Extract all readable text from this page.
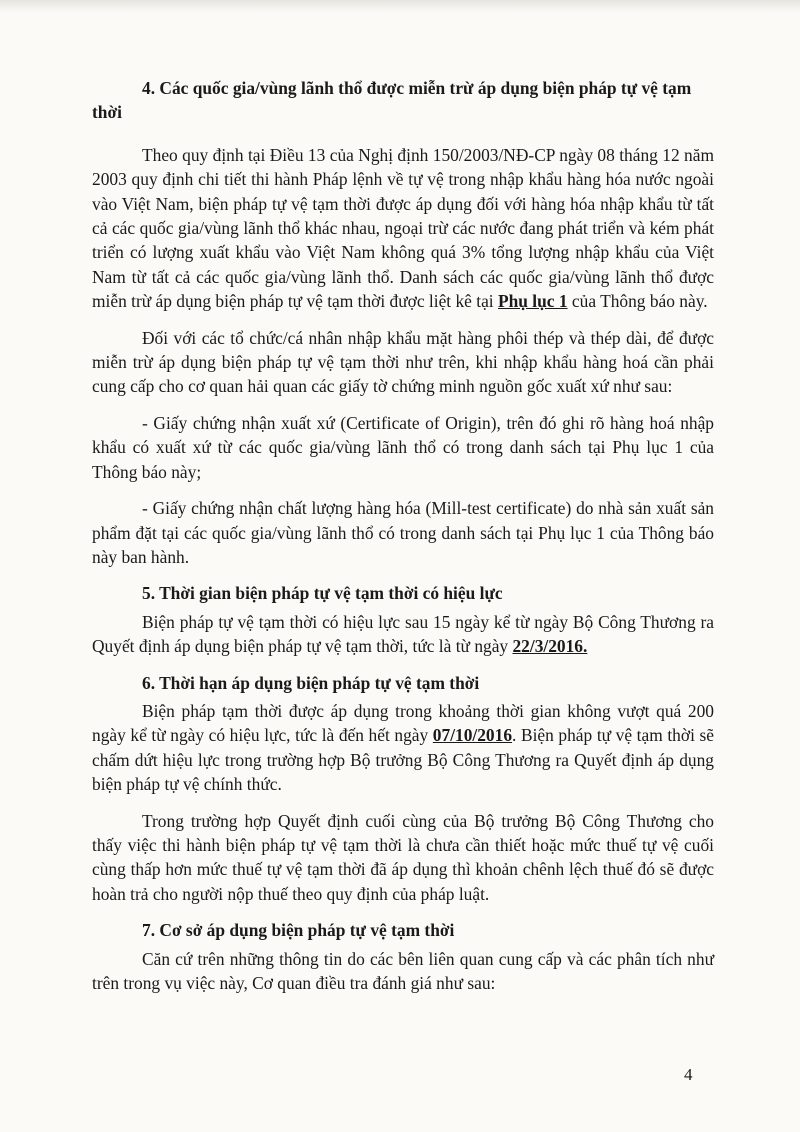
4. Các quốc gia/vùng lãnh thổ được miễn trừ áp dụng biện pháp tự vệ tạm thời

Theo quy định tại Điều 13 của Nghị định 150/2003/NĐ-CP ngày 08 tháng 12 năm 2003 quy định chi tiết thi hành Pháp lệnh về tự vệ trong nhập khẩu hàng hóa nước ngoài vào Việt Nam, biện pháp tự vệ tạm thời được áp dụng đối với hàng hóa nhập khẩu từ tất cả các quốc gia/vùng lãnh thổ khác nhau, ngoại trừ các nước đang phát triển và kém phát triển có lượng xuất khẩu vào Việt Nam không quá 3% tổng lượng nhập khẩu của Việt Nam từ tất cả các quốc gia/vùng lãnh thổ. Danh sách các quốc gia/vùng lãnh thổ được miễn trừ áp dụng biện pháp tự vệ tạm thời được liệt kê tại Phụ lục 1 của Thông báo này.

Đối với các tổ chức/cá nhân nhập khẩu mặt hàng phôi thép và thép dài, để được miễn trừ áp dụng biện pháp tự vệ tạm thời như trên, khi nhập khẩu hàng hoá cần phải cung cấp cho cơ quan hải quan các giấy tờ chứng minh nguồn gốc xuất xứ như sau:

- Giấy chứng nhận xuất xứ (Certificate of Origin), trên đó ghi rõ hàng hoá nhập khẩu có xuất xứ từ các quốc gia/vùng lãnh thổ có trong danh sách tại Phụ lục 1 của Thông báo này;

- Giấy chứng nhận chất lượng hàng hóa (Mill-test certificate) do nhà sản xuất sản phẩm đặt tại các quốc gia/vùng lãnh thổ có trong danh sách tại Phụ lục 1 của Thông báo này ban hành.

5. Thời gian biện pháp tự vệ tạm thời có hiệu lực

Biện pháp tự vệ tạm thời có hiệu lực sau 15 ngày kể từ ngày Bộ Công Thương ra Quyết định áp dụng biện pháp tự vệ tạm thời, tức là từ ngày 22/3/2016.

6. Thời hạn áp dụng biện pháp tự vệ tạm thời

Biện pháp tạm thời được áp dụng trong khoảng thời gian không vượt quá 200 ngày kể từ ngày có hiệu lực, tức là đến hết ngày 07/10/2016. Biện pháp tự vệ tạm thời sẽ chấm dứt hiệu lực trong trường hợp Bộ trưởng Bộ Công Thương ra Quyết định áp dụng biện pháp tự vệ chính thức.

Trong trường hợp Quyết định cuối cùng của Bộ trưởng Bộ Công Thương cho thấy việc thi hành biện pháp tự vệ tạm thời là chưa cần thiết hoặc mức thuế tự vệ cuối cùng thấp hơn mức thuế tự vệ tạm thời đã áp dụng thì khoản chênh lệch thuế đó sẽ được hoàn trả cho người nộp thuế theo quy định của pháp luật.

7. Cơ sở áp dụng biện pháp tự vệ tạm thời

Căn cứ trên những thông tin do các bên liên quan cung cấp và các phân tích như trên trong vụ việc này, Cơ quan điều tra đánh giá như sau:

4
